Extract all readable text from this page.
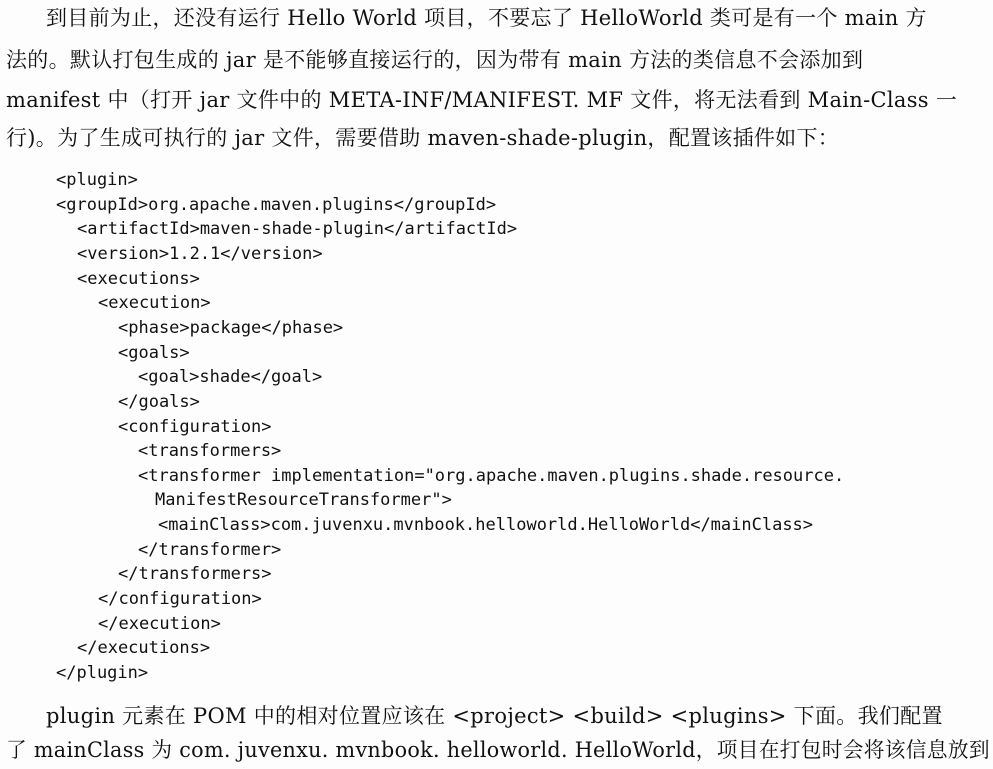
到目前为止，还没有运行 Hello World 项目，不要忘了 HelloWorld 类可是有一个 main 方
法的。默认打包生成的 jar 是不能够直接运行的，因为带有 main 方法的类信息不会添加到
manifest 中（打开 jar 文件中的 META-INF/MANIFEST. MF 文件，将无法看到 Main-Class 一
行)。为了生成可执行的 jar 文件，需要借助 maven-shade-plugin，配置该插件如下：
<plugin>
<groupId>org.apache.maven.plugins</groupId>
<artifactId>maven-shade-plugin</artifactId>
<version>1.2.1</version>
<executions>
<execution>
<phase>package</phase>
<goals>
<goal>shade</goal>
</goals>
<configuration>
<transformers>
<transformer implementation="org.apache.maven.plugins.shade.resource.
ManifestResourceTransformer">
<mainClass>com.juvenxu.mvnbook.helloworld.HelloWorld</mainClass>
</transformer>
</transformers>
</configuration>
</execution>
</executions>
</plugin>
plugin 元素在 POM 中的相对位置应该在 <project> <build> <plugins> 下面。我们配置
了 mainClass 为 com. juvenxu. mvnbook. helloworld. HelloWorld，项目在打包时会将该信息放到
